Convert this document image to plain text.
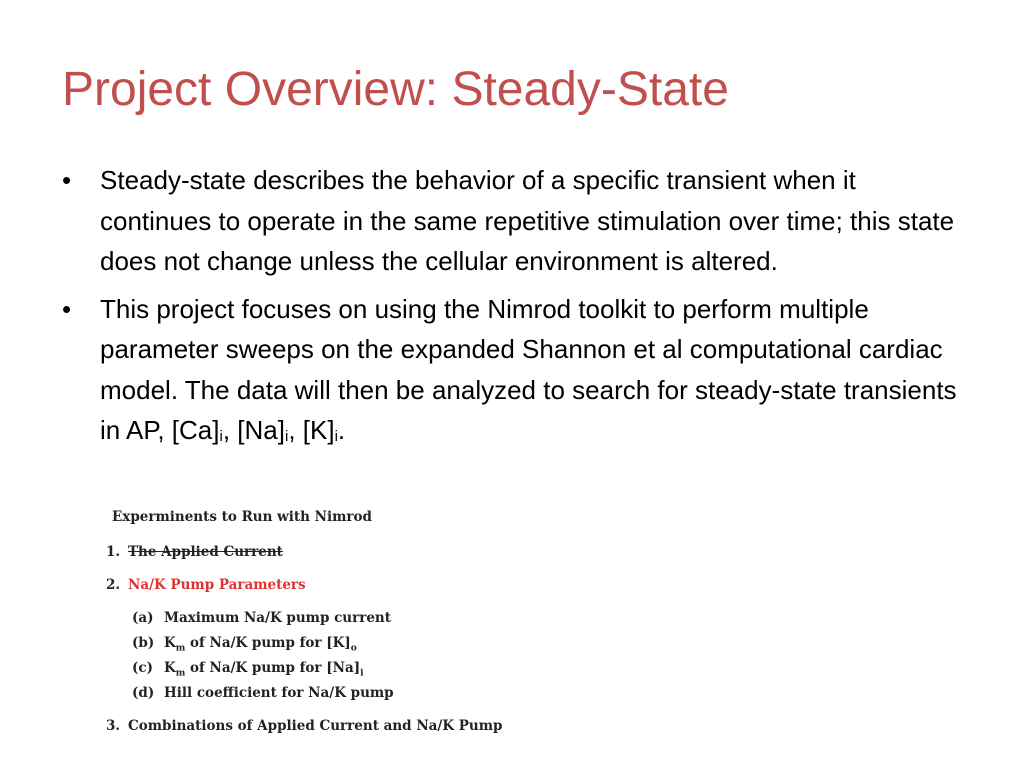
Project Overview: Steady-State
• Steady-state describes the behavior of a specific transient when it continues to operate in the same repetitive stimulation over time; this state does not change unless the cellular environment is altered.
• This project focuses on using the Nimrod toolkit to perform multiple parameter sweeps on the expanded Shannon et al computational cardiac model. The data will then be analyzed to search for steady-state transients in AP, $[Ca]_i$, $[Na]_i$, $[K]_i$.
Experminents to Run with Nimrod
1. The Applied Current
2. Na/K Pump Parameters
(a) Maximum Na/K pump current
(b) $K_m$ of Na/K pump for $[K]_o$
(c) $K_m$ of Na/K pump for $[Na]_i$
(d) Hill coefficient for Na/K pump
3. Combinations of Applied Current and Na/K Pump
